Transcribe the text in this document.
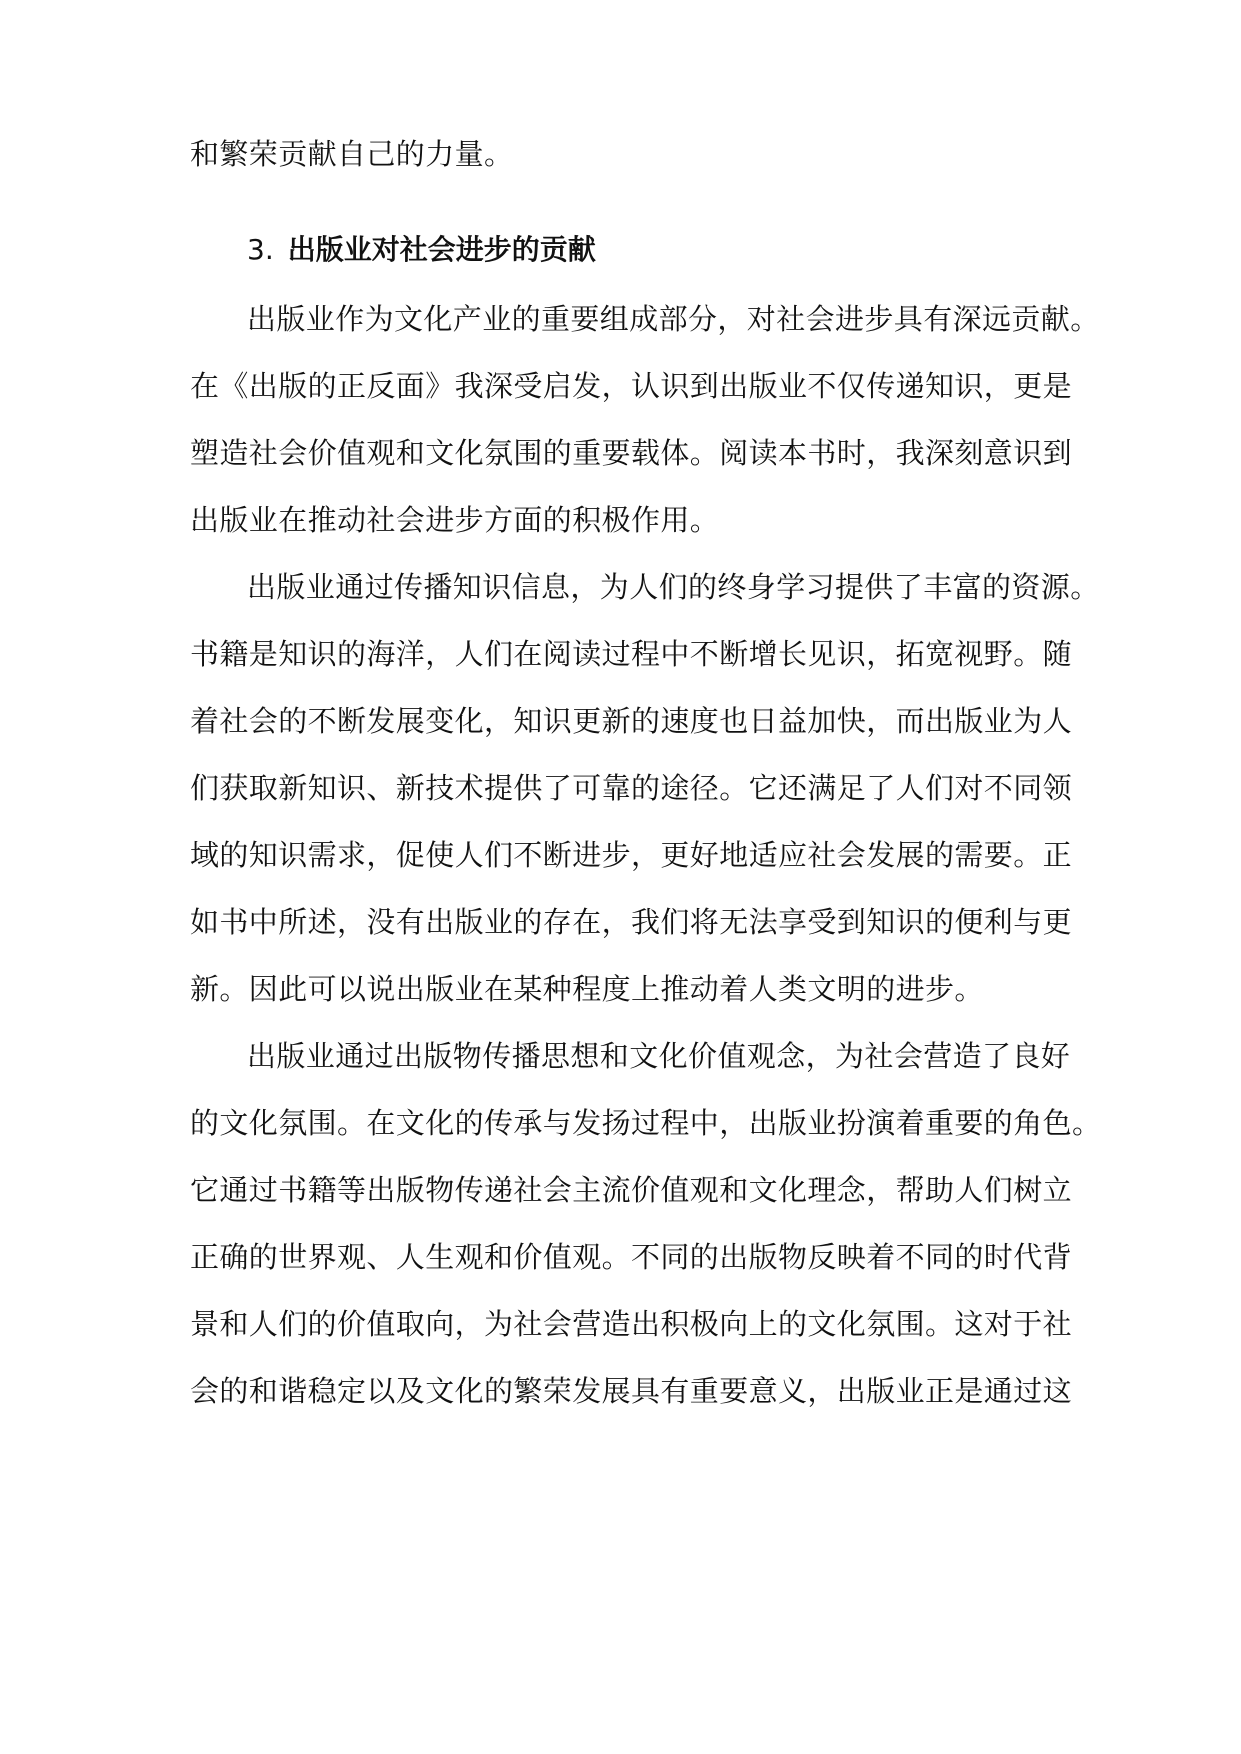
和繁荣贡献自己的力量。
3. 出版业对社会进步的贡献
出版业作为文化产业的重要组成部分，对社会进步具有深远贡献。
在《出版的正反面》我深受启发，认识到出版业不仅传递知识，更是
塑造社会价值观和文化氛围的重要载体。阅读本书时，我深刻意识到
出版业在推动社会进步方面的积极作用。
出版业通过传播知识信息，为人们的终身学习提供了丰富的资源。
书籍是知识的海洋，人们在阅读过程中不断增长见识，拓宽视野。随
着社会的不断发展变化，知识更新的速度也日益加快，而出版业为人
们获取新知识、新技术提供了可靠的途径。它还满足了人们对不同领
域的知识需求，促使人们不断进步，更好地适应社会发展的需要。正
如书中所述，没有出版业的存在，我们将无法享受到知识的便利与更
新。因此可以说出版业在某种程度上推动着人类文明的进步。
出版业通过出版物传播思想和文化价值观念，为社会营造了良好
的文化氛围。在文化的传承与发扬过程中，出版业扮演着重要的角色。
它通过书籍等出版物传递社会主流价值观和文化理念，帮助人们树立
正确的世界观、人生观和价值观。不同的出版物反映着不同的时代背
景和人们的价值取向，为社会营造出积极向上的文化氛围。这对于社
会的和谐稳定以及文化的繁荣发展具有重要意义，出版业正是通过这
